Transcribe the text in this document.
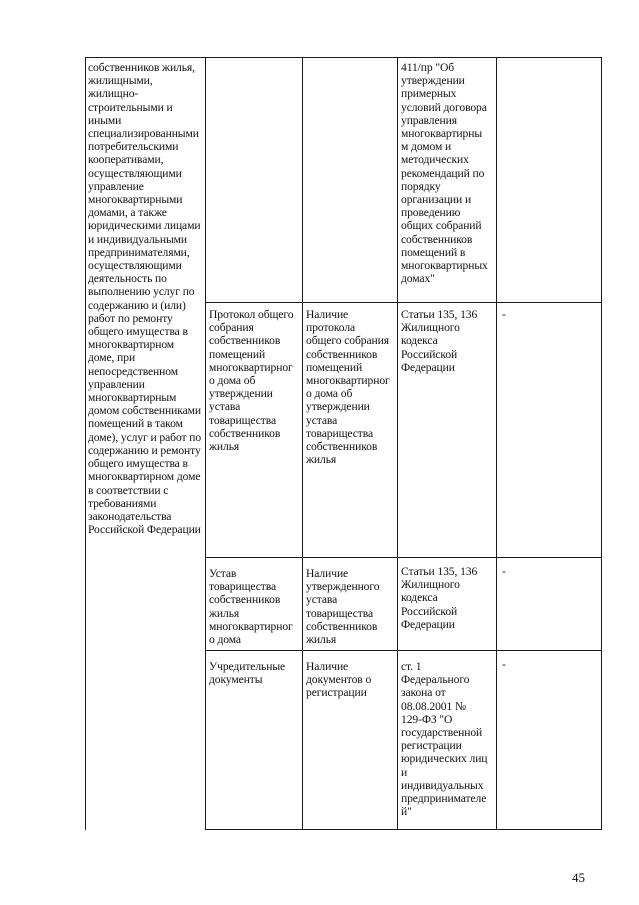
собственников жилья,
жилищными,
жилищно-
строительными и
иными
специализированными
потребительскими
кооперативами,
осуществляющими
управление
многоквартирными
домами, а также
юридическими лицами
и индивидуальными
предпринимателями,
осуществляющими
деятельность по
выполнению услуг по
содержанию и (или)
работ по ремонту
общего имущества в
многоквартирном
доме, при
непосредственном
управлении
многоквартирным
домом собственниками
помещений в таком
доме), услуг и работ по
содержанию и ремонту
общего имущества в
многоквартирном доме
в соответствии с
требованиями
законодательства
Российской Федерации
411/пр "Об
утверждении
примерных
условий договора
управления
многоквартирны
м домом и
методических
рекомендаций по
порядку
организации и
проведению
общих собраний
собственников
помещений в
многоквартирных
домах"
Протокол общего
собрания
собственников
помещений
многоквартирног
о дома об
утверждении
устава
товарищества
собственников
жилья
Наличие
протокола
общего собрания
собственников
помещений
многоквартирног
о дома об
утверждении
устава
товарищества
собственников
жилья
Статьи 135, 136
Жилищного
кодекса
Российской
Федерации
-
Устав
товарищества
собственников
жилья
многоквартирног
о дома
Наличие
утвержденного
устава
товарищества
собственников
жилья
Статьи 135, 136
Жилищного
кодекса
Российской
Федерации
-
Учредительные
документы
Наличие
документов о
регистрации
ст. 1
Федерального
закона от
08.08.2001 №
129-ФЗ "О
государственной
регистрации
юридических лиц
и
индивидуальных
предпринимателе
й"
-
45
